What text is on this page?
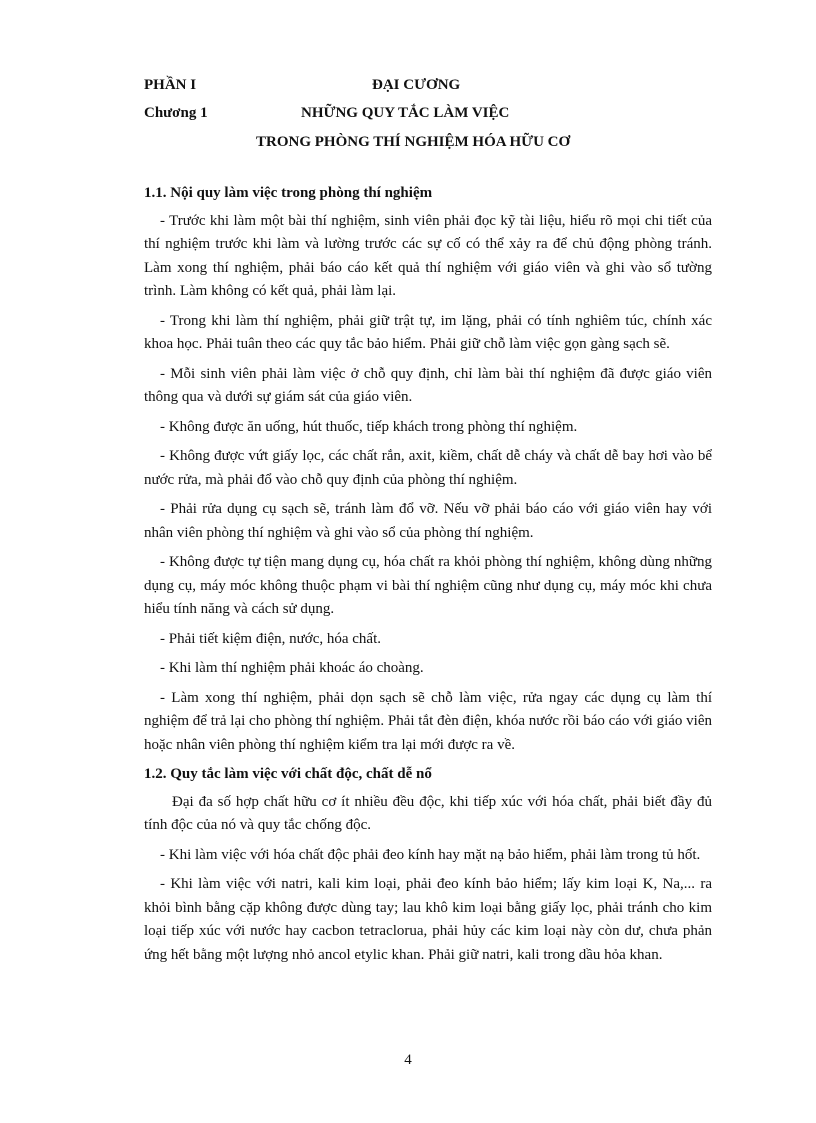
PHẦN I	ĐẠI CƯƠNG
Chương 1	NHỮNG QUY TẮC LÀM VIỆC
TRONG PHÒNG THÍ NGHIỆM HÓA HỮU CƠ
1.1. Nội quy làm việc trong phòng thí nghiệm

- Trước khi làm một bài thí nghiệm, sinh viên phải đọc kỹ tài liệu, hiểu rõ mọi chi tiết của thí nghiệm trước khi làm và lường trước các sự cố có thể xảy ra để chủ động phòng tránh. Làm xong thí nghiệm, phải báo cáo kết quả thí nghiệm với giáo viên và ghi vào sổ tường trình. Làm không có kết quả, phải làm lại.

- Trong khi làm thí nghiệm, phải giữ trật tự, im lặng, phải có tính nghiêm túc, chính xác khoa học. Phải tuân theo các quy tắc bảo hiểm. Phải giữ chỗ làm việc gọn gàng sạch sẽ.

- Mỗi sinh viên phải làm việc ở chỗ quy định, chỉ làm bài thí nghiệm đã được giáo viên thông qua và dưới sự giám sát của giáo viên.

- Không được ăn uống, hút thuốc, tiếp khách trong phòng thí nghiệm.

- Không được vứt giấy lọc, các chất rắn, axit, kiềm, chất dễ cháy và chất dễ bay hơi vào bể nước rửa, mà phải đổ vào chỗ quy định của phòng thí nghiệm.

- Phải rửa dụng cụ sạch sẽ, tránh làm đổ vỡ. Nếu vỡ phải báo cáo với giáo viên hay với nhân viên phòng thí nghiệm và ghi vào sổ của phòng thí nghiệm.

- Không được tự tiện mang dụng cụ, hóa chất ra khỏi phòng thí nghiệm, không dùng những dụng cụ, máy móc không thuộc phạm vi bài thí nghiệm cũng như dụng cụ, máy móc khi chưa hiểu tính năng và cách sử dụng.

- Phải tiết kiệm điện, nước, hóa chất.

- Khi làm thí nghiệm phải khoác áo choàng.

- Làm xong thí nghiệm, phải dọn sạch sẽ chỗ làm việc, rửa ngay các dụng cụ làm thí nghiệm để trả lại cho phòng thí nghiệm. Phải tắt đèn điện, khóa nước rồi báo cáo với giáo viên hoặc nhân viên phòng thí nghiệm kiểm tra lại mới được ra về.

1.2. Quy tắc làm việc với chất độc, chất dễ nổ

Đại đa số hợp chất hữu cơ ít nhiều đều độc, khi tiếp xúc với hóa chất, phải biết đầy đủ tính độc của nó và quy tắc chống độc.

- Khi làm việc với hóa chất độc phải đeo kính hay mặt nạ bảo hiểm, phải làm trong tủ hốt.

- Khi làm việc với natri, kali kim loại, phải đeo kính bảo hiểm; lấy kim loại K, Na,... ra khỏi bình bằng cặp không được dùng tay; lau khô kim loại bằng giấy lọc, phải tránh cho kim loại tiếp xúc với nước hay cacbon tetraclorua, phải hủy các kim loại này còn dư, chưa phản ứng hết bằng một lượng nhỏ ancol etylic khan. Phải giữ natri, kali trong dầu hỏa khan.

4
